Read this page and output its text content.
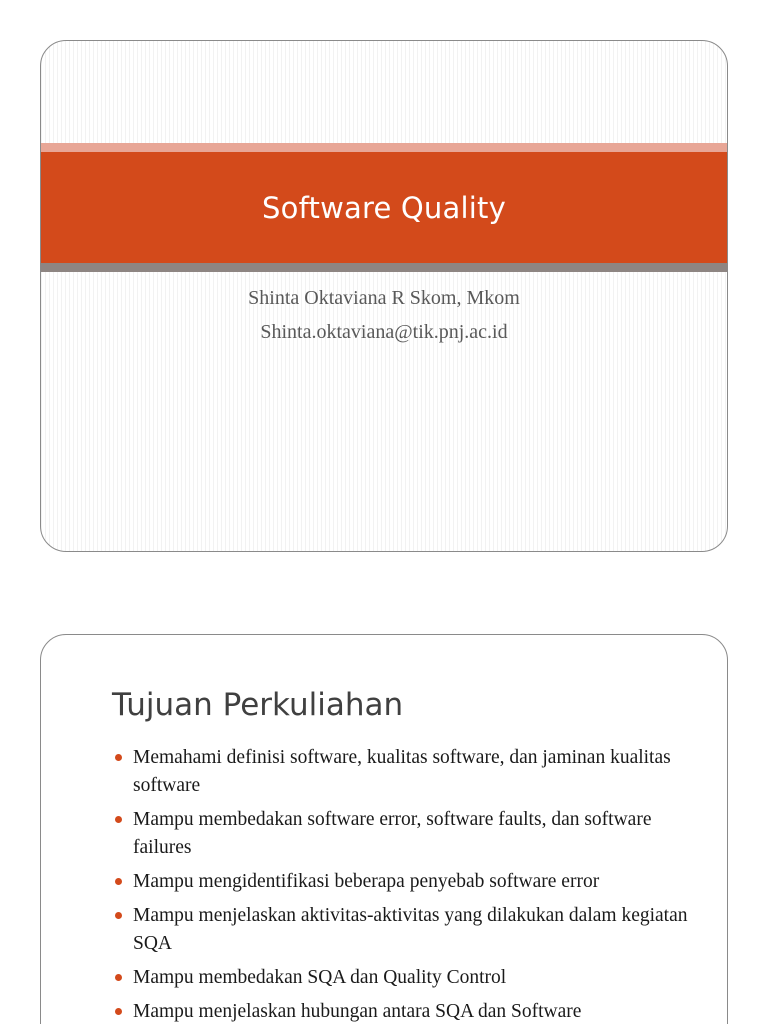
Software Quality
Shinta Oktaviana R Skom, Mkom
Shinta.oktaviana@tik.pnj.ac.id
Tujuan Perkuliahan
Memahami definisi software, kualitas software, dan jaminan kualitas software
Mampu membedakan software error, software faults, dan software failures
Mampu mengidentifikasi beberapa penyebab software error
Mampu menjelaskan aktivitas-aktivitas yang dilakukan dalam kegiatan SQA
Mampu membedakan SQA dan Quality Control
Mampu menjelaskan hubungan antara SQA dan Software
